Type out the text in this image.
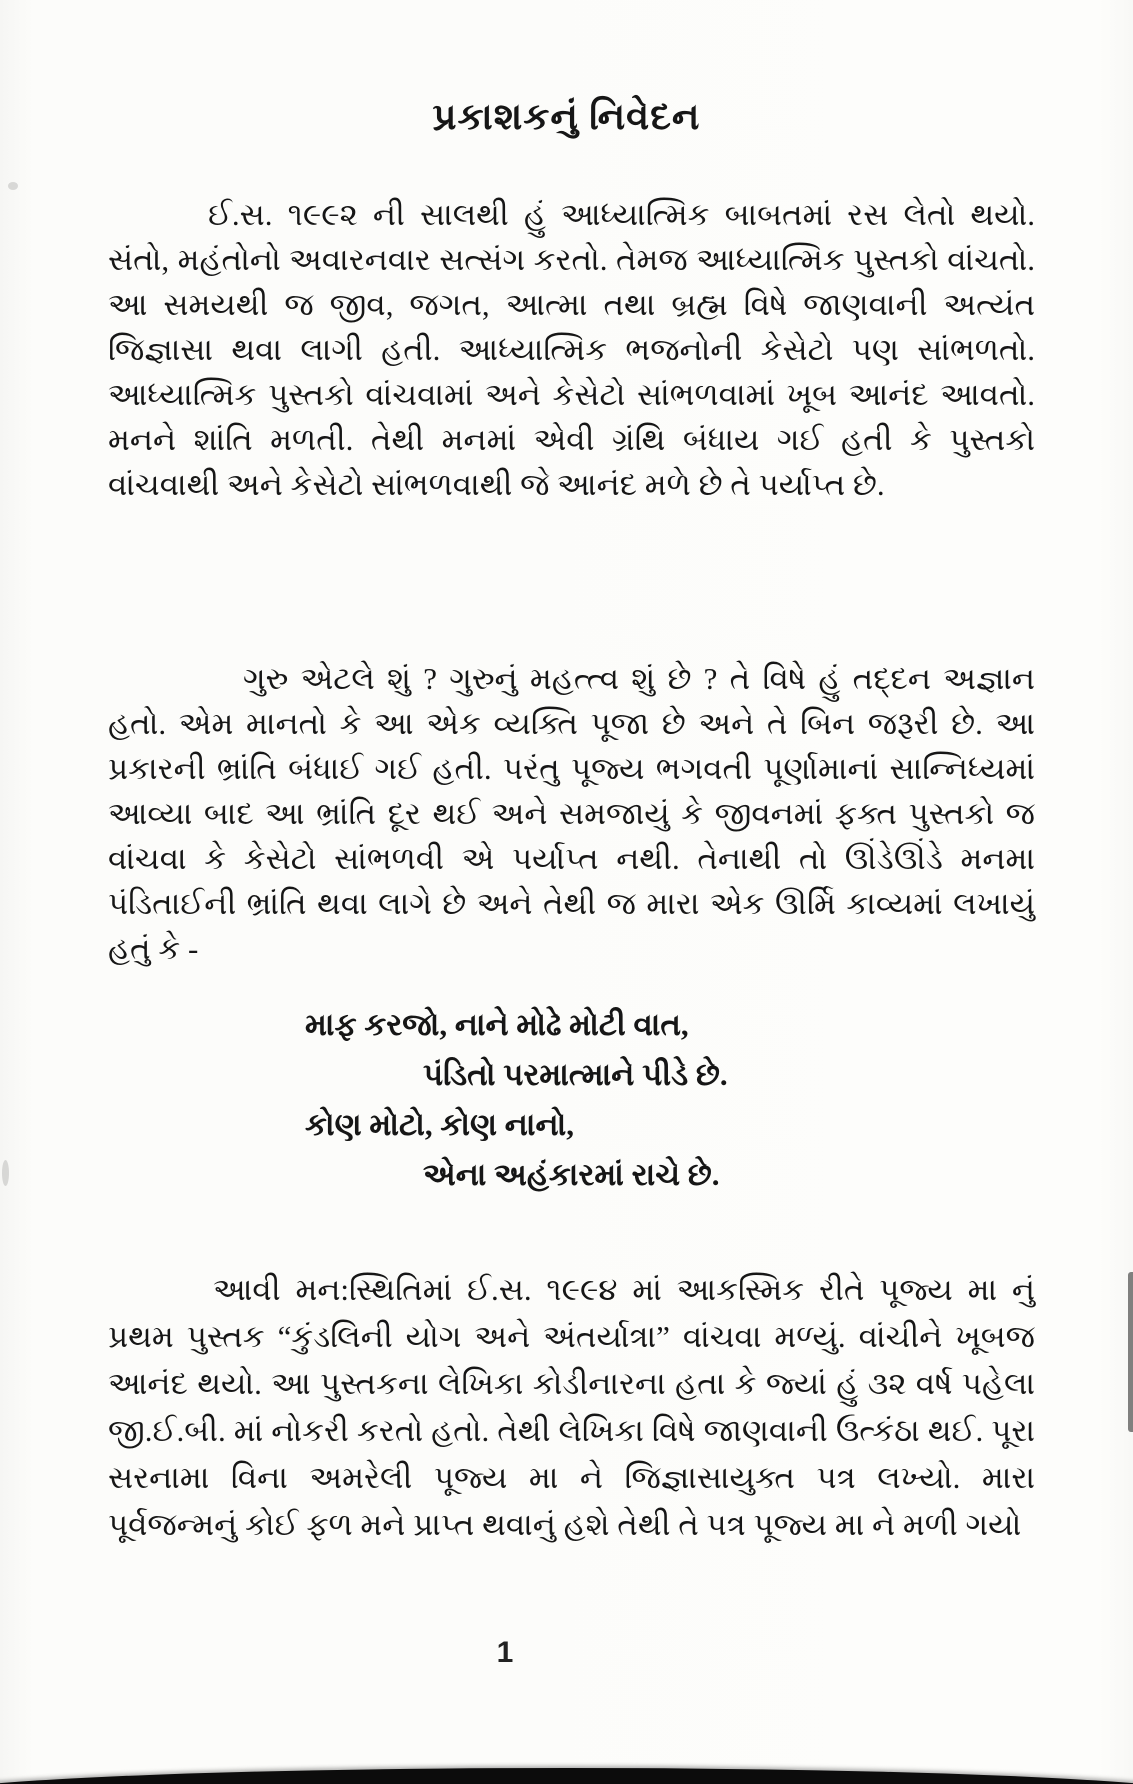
પ્રકાશકનું નિવેદન

ઈ.સ. ૧૯૯૨ ની સાલથી હું આધ્યાત્મિક બાબતમાં રસ લેતો થયો. સંતો, મહંતોનો અવારનવાર સત્સંગ કરતો. તેમજ આધ્યાત્મિક પુસ્તકો વાંચતો. આ સમયથી જ જીવ, જગત, આત્મા તથા બ્રહ્મ વિષે જાણવાની અત્યંત જિજ્ઞાસા થવા લાગી હતી. આધ્યાત્મિક ભજનોની કેસેટો પણ સાંભળતો. આધ્યાત્મિક પુસ્તકો વાંચવામાં અને કેસેટો સાંભળવામાં ખૂબ આનંદ આવતો. મનને શાંતિ મળતી. તેથી મનમાં એવી ગ્રંથિ બંધાય ગઈ હતી કે પુસ્તકો વાંચવાથી અને કેસેટો સાંભળવાથી જે આનંદ મળે છે તે પર્યાપ્ત છે.

ગુરુ એટલે શું ? ગુરુનું મહત્ત્વ શું છે ? તે વિષે હું તદ્દન અજ્ઞાન હતો. એમ માનતો કે આ એક વ્યક્તિ પૂજા છે અને તે બિન જરૂરી છે. આ પ્રકારની ભ્રાંતિ બંધાઈ ગઈ હતી. પરંતુ પૂજ્ય ભગવતી પૂર્ણામાનાં સાન્નિધ્યમાં આવ્યા બાદ આ ભ્રાંતિ દૂર થઈ અને સમજાયું કે જીવનમાં ફક્ત પુસ્તકો જ વાંચવા કે કેસેટો સાંભળવી એ પર્યાપ્ત નથી. તેનાથી તો ઊંડેઊંડે મનમા પંડિતાઈની ભ્રાંતિ થવા લાગે છે અને તેથી જ મારા એક ઊર્મિ કાવ્યમાં લખાયું હતું કે -

માફ કરજો, નાને મોઢે મોટી વાત,
પંડિતો પરમાત્માને પીડે છે.
કોણ મોટો, કોણ નાનો,
એના અહંકારમાં રાચે છે.

આવી મન:સ્થિતિમાં ઈ.સ. ૧૯૯૪ માં આકસ્મિક રીતે પૂજ્ય મા નું પ્રથમ પુસ્તક “કુંડલિની યોગ અને અંતર્યાત્રા” વાંચવા મળ્યું. વાંચીને ખૂબજ આનંદ થયો. આ પુસ્તકના લેખિકા કોડીનારના હતા કે જ્યાં હું ૩૨ વર્ષ પહેલા જી.ઈ.બી. માં નોકરી કરતો હતો. તેથી લેખિકા વિષે જાણવાની ઉત્કંઠા થઈ. પૂરા સરનામા વિના અમરેલી પૂજ્ય મા ને જિજ્ઞાસાયુક્ત પત્ર લખ્યો. મારા પૂર્વજન્મનું કોઈ ફળ મને પ્રાપ્ત થવાનું હશે તેથી તે પત્ર પૂજ્ય મા ને મળી ગયો

1
